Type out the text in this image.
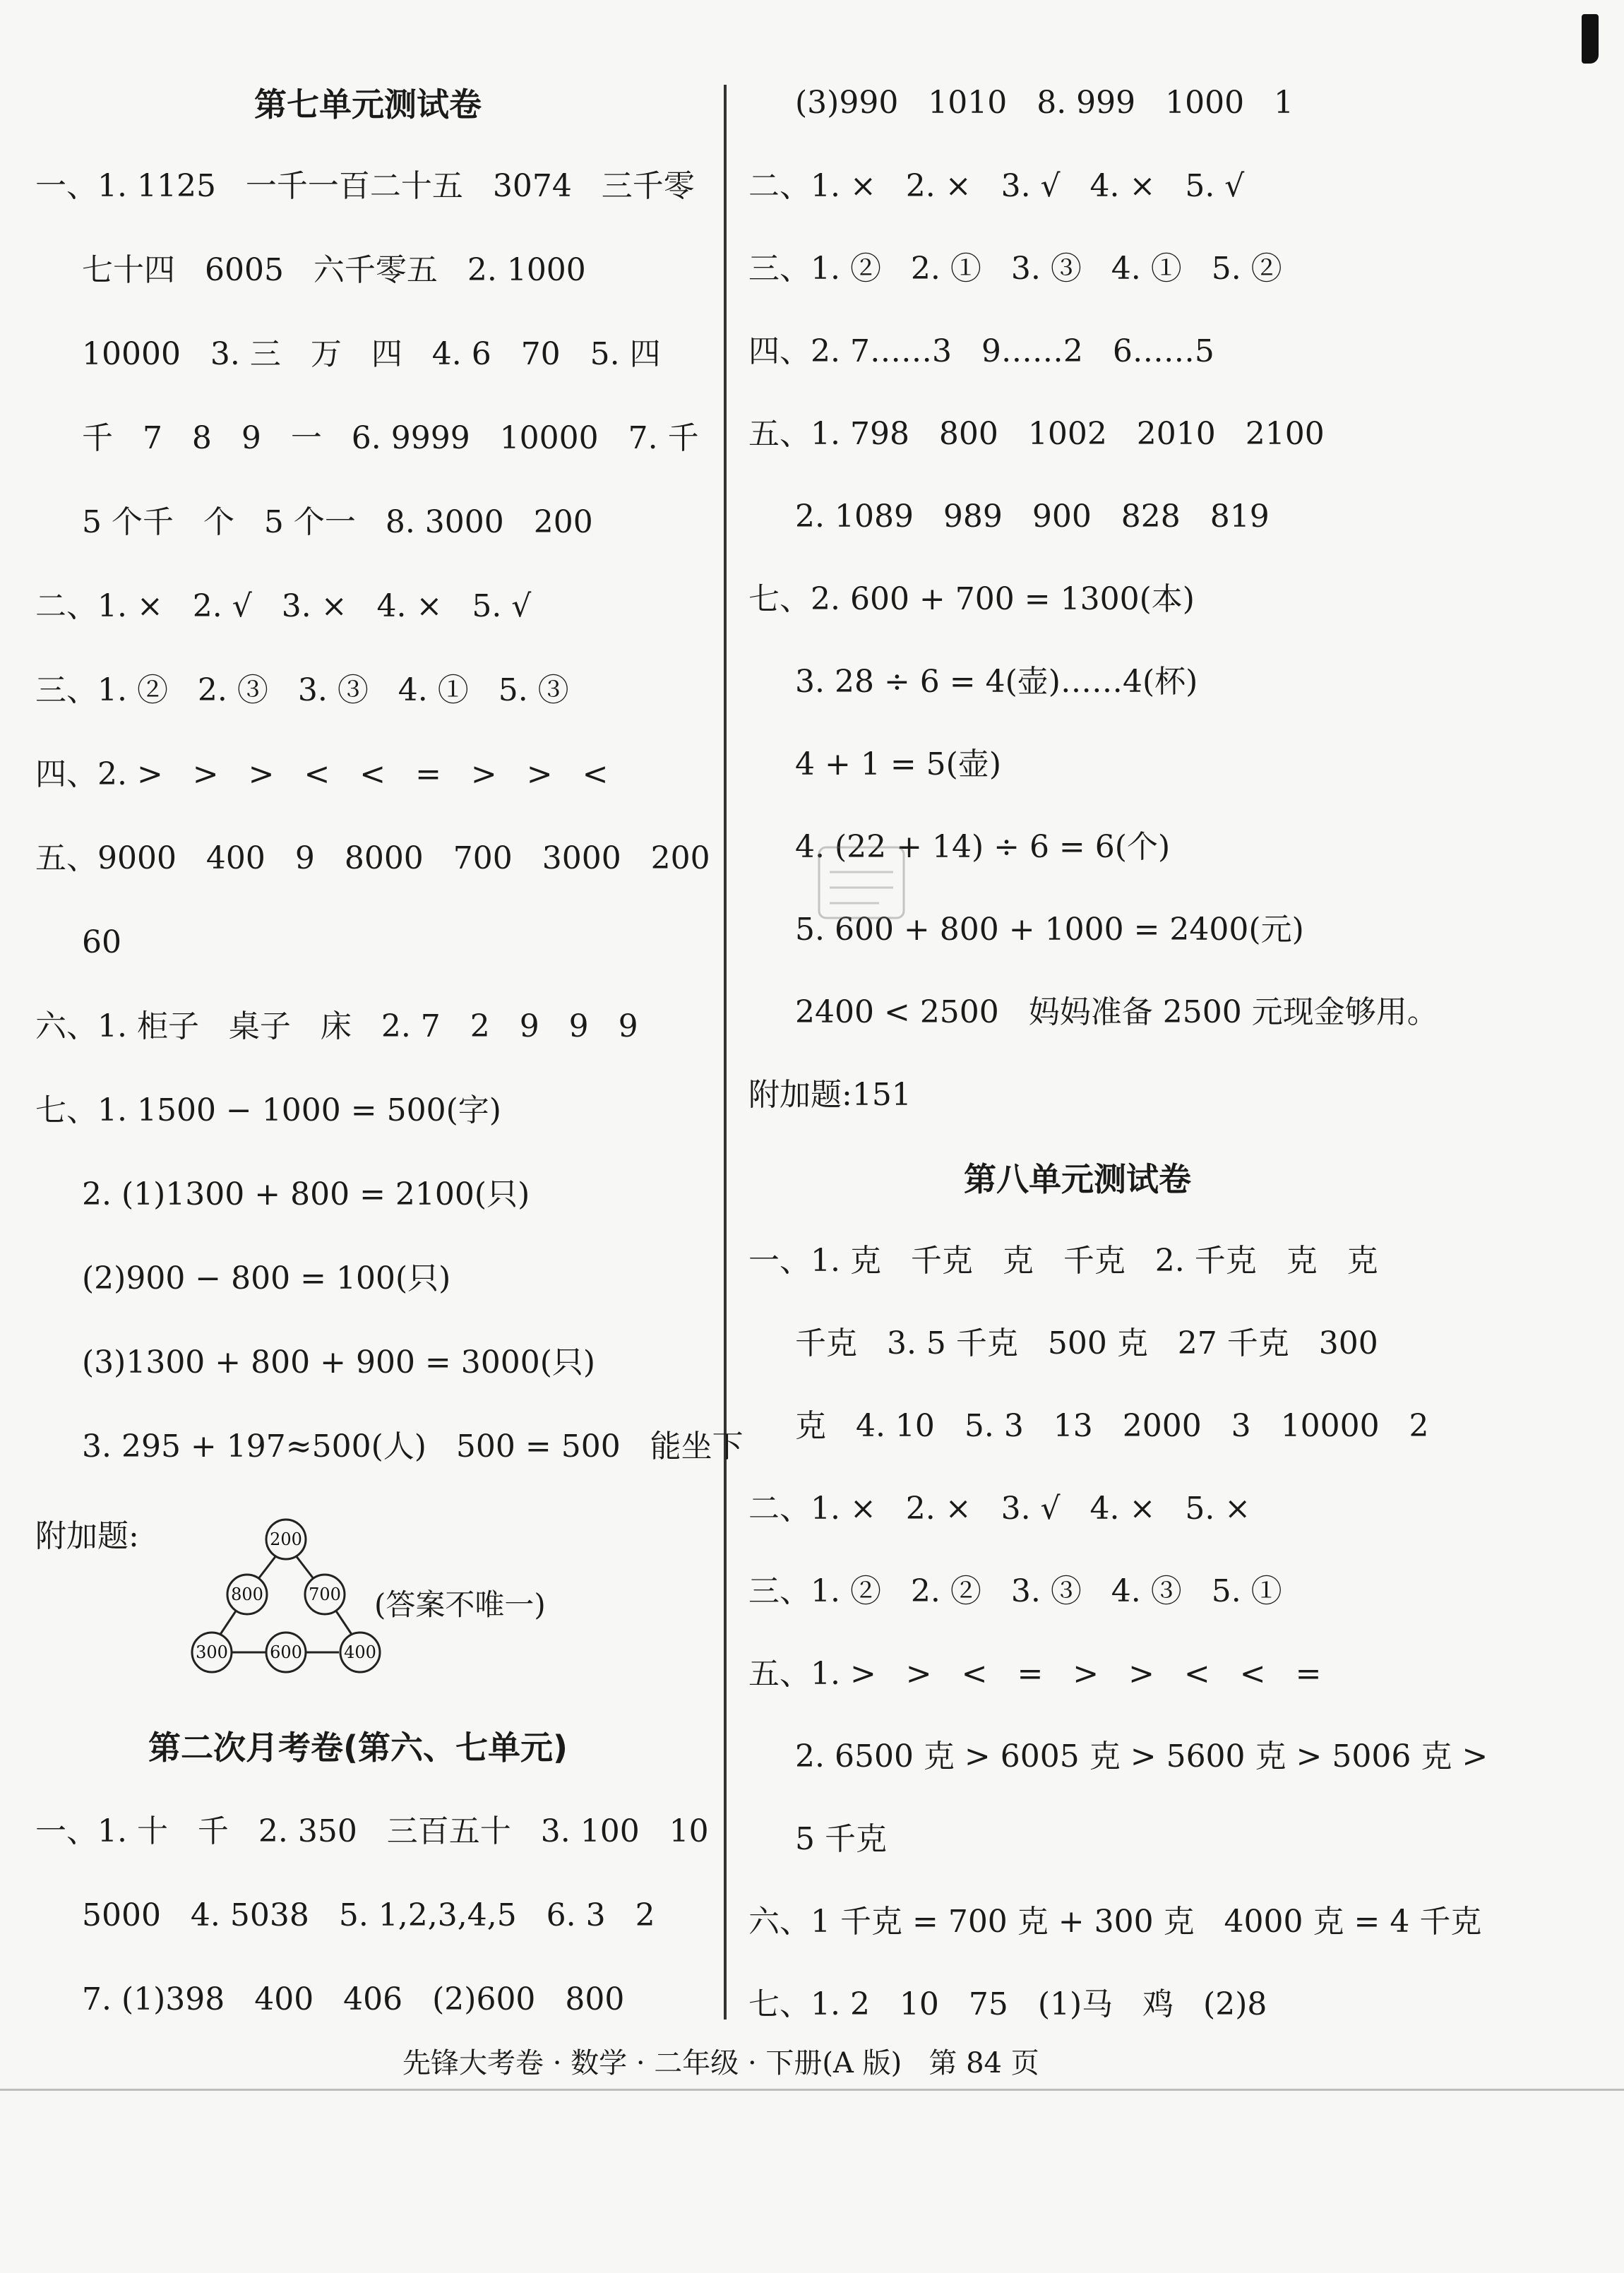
第七单元测试卷
一、1. 1125   一千一百二十五   3074   三千零
七十四   6005   六千零五   2. 1000
10000   3. 三   万   四   4. 6   70   5. 四
千   7   8   9   一   6. 9999   10000   7. 千
5 个千   个   5 个一   8. 3000   200
二、1. ×   2. √   3. ×   4. ×   5. √
三、1. ②   2. ③   3. ③   4. ①   5. ③
四、2. >   >   >   <   <   =   >   >   <
五、9000   400   9   8000   700   3000   200
60
六、1. 柜子   桌子   床   2. 7   2   9   9   9
七、1. 1500 − 1000 = 500(字)
2. (1)1300 + 800 = 2100(只)
(2)900 − 800 = 100(只)
(3)1300 + 800 + 900 = 3000(只)
3. 295 + 197≈500(人)   500 = 500   能坐下
附加题:	200
800	700
300 600 400
(答案不唯一)
第二次月考卷(第六、七单元)
一、1. 十   千   2. 350   三百五十   3. 100   10
5000   4. 5038   5. 1,2,3,4,5   6. 3   2
7. (1)398   400   406   (2)600   800
(3)990   1010   8. 999   1000   1
二、1. ×   2. ×   3. √   4. ×   5. √
三、1. ②   2. ①   3. ③   4. ①   5. ②
四、2. 7……3   9……2   6……5
五、1. 798   800   1002   2010   2100
2. 1089   989   900   828   819
七、2. 600 + 700 = 1300(本)
3. 28 ÷ 6 = 4(壶)……4(杯)
4 + 1 = 5(壶)
4. (22 + 14) ÷ 6 = 6(个)
5. 600 + 800 + 1000 = 2400(元)
2400 < 2500   妈妈准备 2500 元现金够用。
附加题:151
第八单元测试卷
一、1. 克   千克   克   千克   2. 千克   克   克
千克   3. 5 千克   500 克   27 千克   300
克   4. 10   5. 3   13   2000   3   10000   2
二、1. ×   2. ×   3. √   4. ×   5. ×
三、1. ②   2. ②   3. ③   4. ③   5. ①
五、1. >   >   <   =   >   >   <   <   =
2. 6500 克 > 6005 克 > 5600 克 > 5006 克 >
5 千克
六、1 千克 = 700 克 + 300 克   4000 克 = 4 千克
七、1. 2   10   75   (1)马   鸡   (2)8
先锋大考卷 · 数学 · 二年级 · 下册(A 版)   第 84 页
